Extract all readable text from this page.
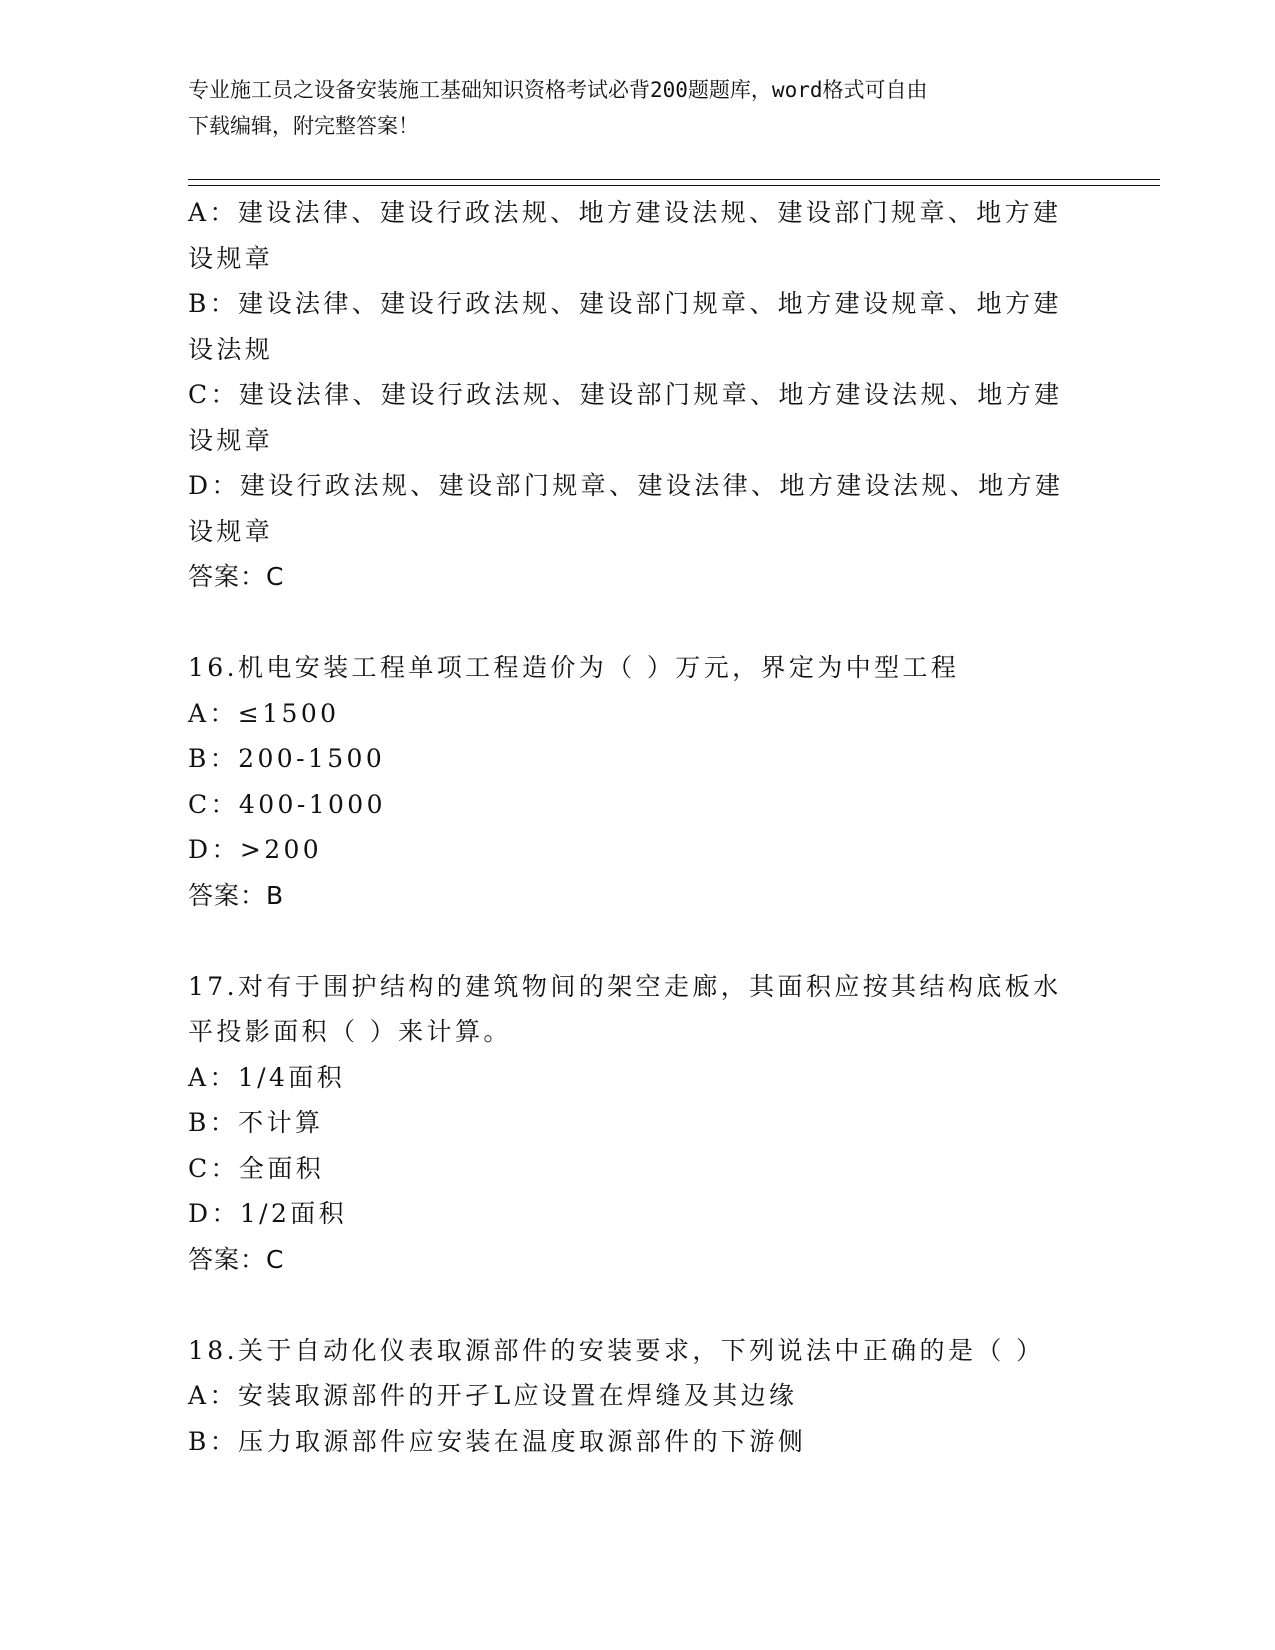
专业施工员之设备安装施工基础知识资格考试必背200题题库，word格式可自由
下载编辑，附完整答案！
A：建设法律、建设行政法规、地方建设法规、建设部门规章、地方建
设规章
B：建设法律、建设行政法规、建设部门规章、地方建设规章、地方建
设法规
C：建设法律、建设行政法规、建设部门规章、地方建设法规、地方建
设规章
D：建设行政法规、建设部门规章、建设法律、地方建设法规、地方建
设规章
答案：C
16.机电安装工程单项工程造价为（ ）万元，界定为中型工程
A：≤1500
B：200-1500
C：400-1000
D：>200
答案：B
17.对有于围护结构的建筑物间的架空走廊，其面积应按其结构底板水
平投影面积（ ）来计算。
A：1/4面积
B：不计算
C：全面积
D：1/2面积
答案：C
18.关于自动化仪表取源部件的安装要求，下列说法中正确的是（ ）
A：安装取源部件的开孑L应设置在焊缝及其边缘
B：压力取源部件应安装在温度取源部件的下游侧
